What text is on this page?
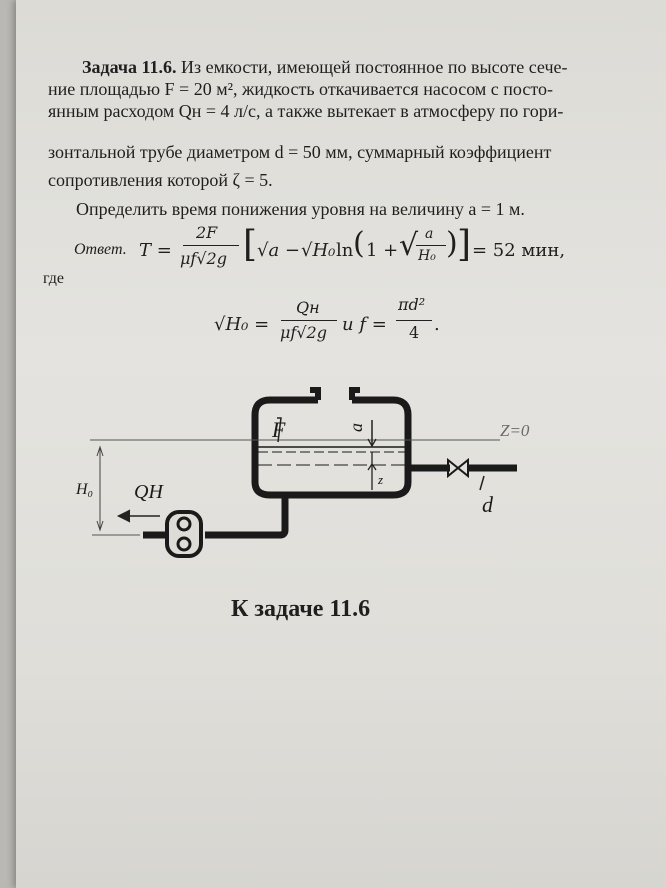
Задача 11.6. Из емкости, имеющей постоянное по высоте сече-
ние площадью F = 20 м², жидкость откачивается насосом с посто-
янным расходом Qн = 4 л/с, а также вытекает в атмосферу по гори-
зонтальной трубе диаметром d = 50 мм, суммарный коэффициент
сопротивления которой ζ = 5.
Определить время понижения уровня на величину a = 1 м.
Ответ. T =
2F
μf√2g [ √a − √H₀ ln ( 1 + √ a
H₀ ) ] = 52 мин,
где
√H₀ =
Qн
μf√2g и f =
πd²
4 .
F	a
z
Z=0
H₀ QH	d
К задаче 11.6
